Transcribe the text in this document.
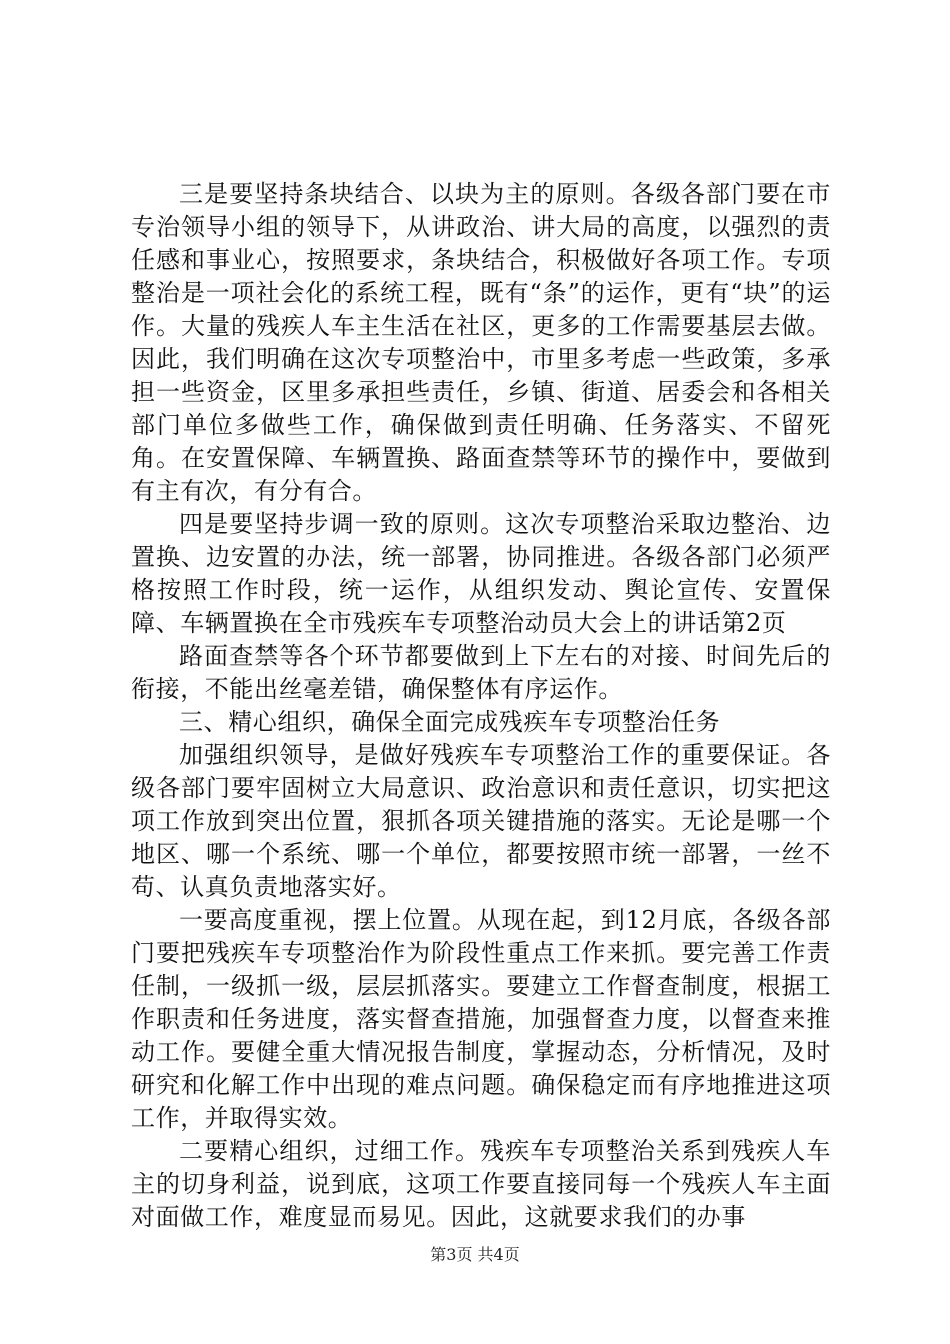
三是要坚持条块结合、以块为主的原则。各级各部门要在市专治领导小组的领导下，从讲政治、讲大局的高度，以强烈的责任感和事业心，按照要求，条块结合，积极做好各项工作。专项整治是一项社会化的系统工程，既有“条”的运作，更有“块”的运作。大量的残疾人车主生活在社区，更多的工作需要基层去做。因此，我们明确在这次专项整治中，市里多考虑一些政策，多承担一些资金，区里多承担些责任，乡镇、街道、居委会和各相关部门单位多做些工作，确保做到责任明确、任务落实、不留死角。在安置保障、车辆置换、路面查禁等环节的操作中，要做到有主有次，有分有合。

四是要坚持步调一致的原则。这次专项整治采取边整治、边置换、边安置的办法，统一部署，协同推进。各级各部门必须严格按照工作时段，统一运作，从组织发动、舆论宣传、安置保障、车辆置换在全市残疾车专项整治动员大会上的讲话第2页

路面查禁等各个环节都要做到上下左右的对接、时间先后的衔接，不能出丝毫差错，确保整体有序运作。

三、精心组织，确保全面完成残疾车专项整治任务

加强组织领导，是做好残疾车专项整治工作的重要保证。各级各部门要牢固树立大局意识、政治意识和责任意识，切实把这项工作放到突出位置，狠抓各项关键措施的落实。无论是哪一个地区、哪一个系统、哪一个单位，都要按照市统一部署，一丝不苟、认真负责地落实好。

一要高度重视，摆上位置。从现在起，到12月底，各级各部门要把残疾车专项整治作为阶段性重点工作来抓。要完善工作责任制，一级抓一级，层层抓落实。要建立工作督查制度，根据工作职责和任务进度，落实督查措施，加强督查力度，以督查来推动工作。要健全重大情况报告制度，掌握动态，分析情况，及时研究和化解工作中出现的难点问题。确保稳定而有序地推进这项工作，并取得实效。

二要精心组织，过细工作。残疾车专项整治关系到残疾人车主的切身利益，说到底，这项工作要直接同每一个残疾人车主面对面做工作，难度显而易见。因此，这就要求我们的办事

第3页 共4页
